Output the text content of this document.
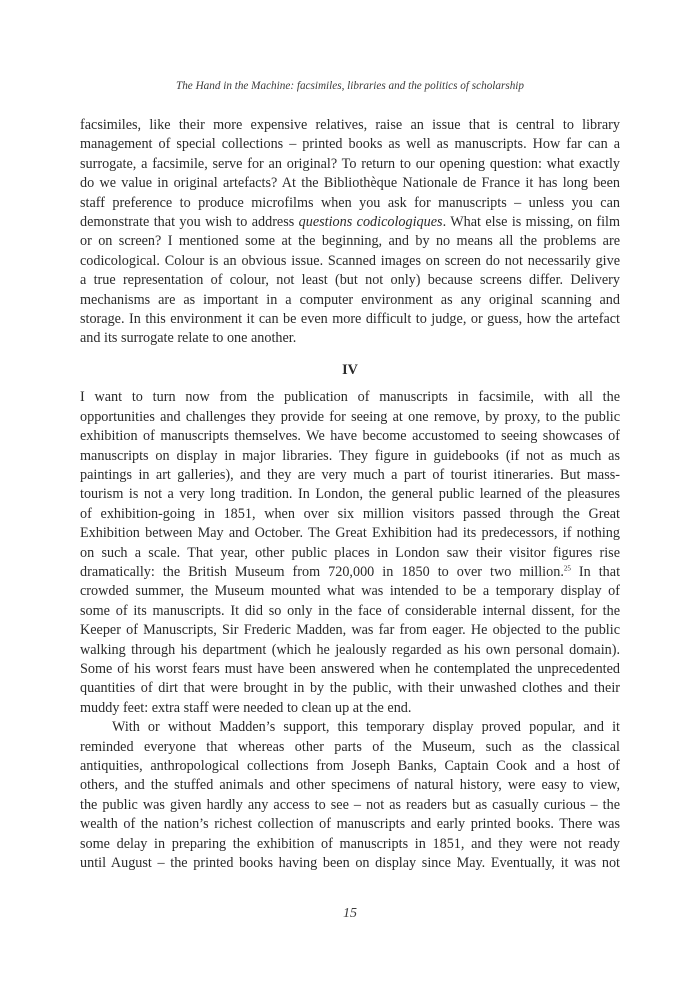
The Hand in the Machine: facsimiles, libraries and the politics of scholarship

facsimiles, like their more expensive relatives, raise an issue that is central to library
management of special collections – printed books as well as manuscripts. How far can a
surrogate, a facsimile, serve for an original? To return to our opening question: what exactly
do we value in original artefacts? At the Bibliothèque Nationale de France it has long been
staff preference to produce microfilms when you ask for manuscripts – unless you can
demonstrate that you wish to address questions codicologiques. What else is missing, on film
or on screen? I mentioned some at the beginning, and by no means all the problems are
codicological. Colour is an obvious issue. Scanned images on screen do not necessarily give
a true representation of colour, not least (but not only) because screens differ. Delivery
mechanisms are as important in a computer environment as any original scanning and
storage. In this environment it can be even more difficult to judge, or guess, how the artefact
and its surrogate relate to one another.

IV

I want to turn now from the publication of manuscripts in facsimile, with all the
opportunities and challenges they provide for seeing at one remove, by proxy, to the public
exhibition of manuscripts themselves. We have become accustomed to seeing showcases of
manuscripts on display in major libraries. They figure in guidebooks (if not as much as
paintings in art galleries), and they are very much a part of tourist itineraries. But mass-
tourism is not a very long tradition. In London, the general public learned of the pleasures
of exhibition-going in 1851, when over six million visitors passed through the Great
Exhibition between May and October. The Great Exhibition had its predecessors, if nothing
on such a scale. That year, other public places in London saw their visitor figures rise
dramatically: the British Museum from 720,000 in 1850 to over two million.$^{25}$ In that
crowded summer, the Museum mounted what was intended to be a temporary display of
some of its manuscripts. It did so only in the face of considerable internal dissent, for the
Keeper of Manuscripts, Sir Frederic Madden, was far from eager. He objected to the public
walking through his department (which he jealously regarded as his own personal domain).
Some of his worst fears must have been answered when he contemplated the unprecedented
quantities of dirt that were brought in by the public, with their unwashed clothes and their
muddy feet: extra staff were needed to clean up at the end.

With or without Madden’s support, this temporary display proved popular, and it
reminded everyone that whereas other parts of the Museum, such as the classical
antiquities, anthropological collections from Joseph Banks, Captain Cook and a host of
others, and the stuffed animals and other specimens of natural history, were easy to view,
the public was given hardly any access to see – not as readers but as casually curious – the
wealth of the nation’s richest collection of manuscripts and early printed books. There was
some delay in preparing the exhibition of manuscripts in 1851, and they were not ready
until August – the printed books having been on display since May. Eventually, it was not

15
